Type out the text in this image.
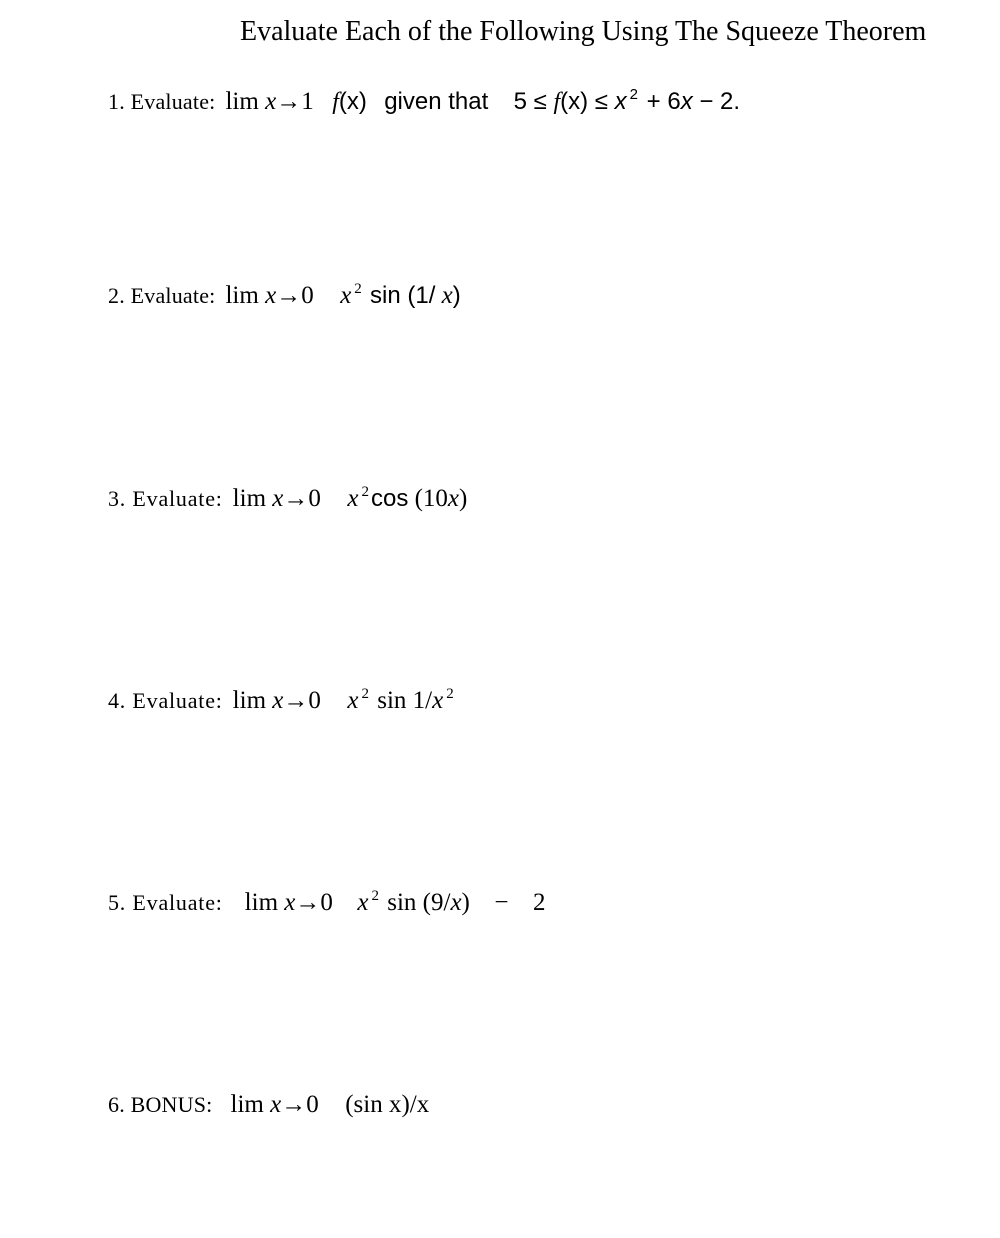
Evaluate Each of the Following Using The Squeeze Theorem
1. Evaluate: lim x→1 f(x) given that 5 ≤ f(x) ≤ x $^2$ + 6x − 2.
2. Evaluate: lim x→0 x $^2$ sin (1/ x)
3. Evaluate: lim x→0 x $^2$cos (10x)
4. Evaluate: lim x→0 x $^2$ sin 1/x $^2$
5. Evaluate: lim x→0 x $^2$ sin (9/x) − 2
6. BONUS: lim x→0 (sin x)/x
